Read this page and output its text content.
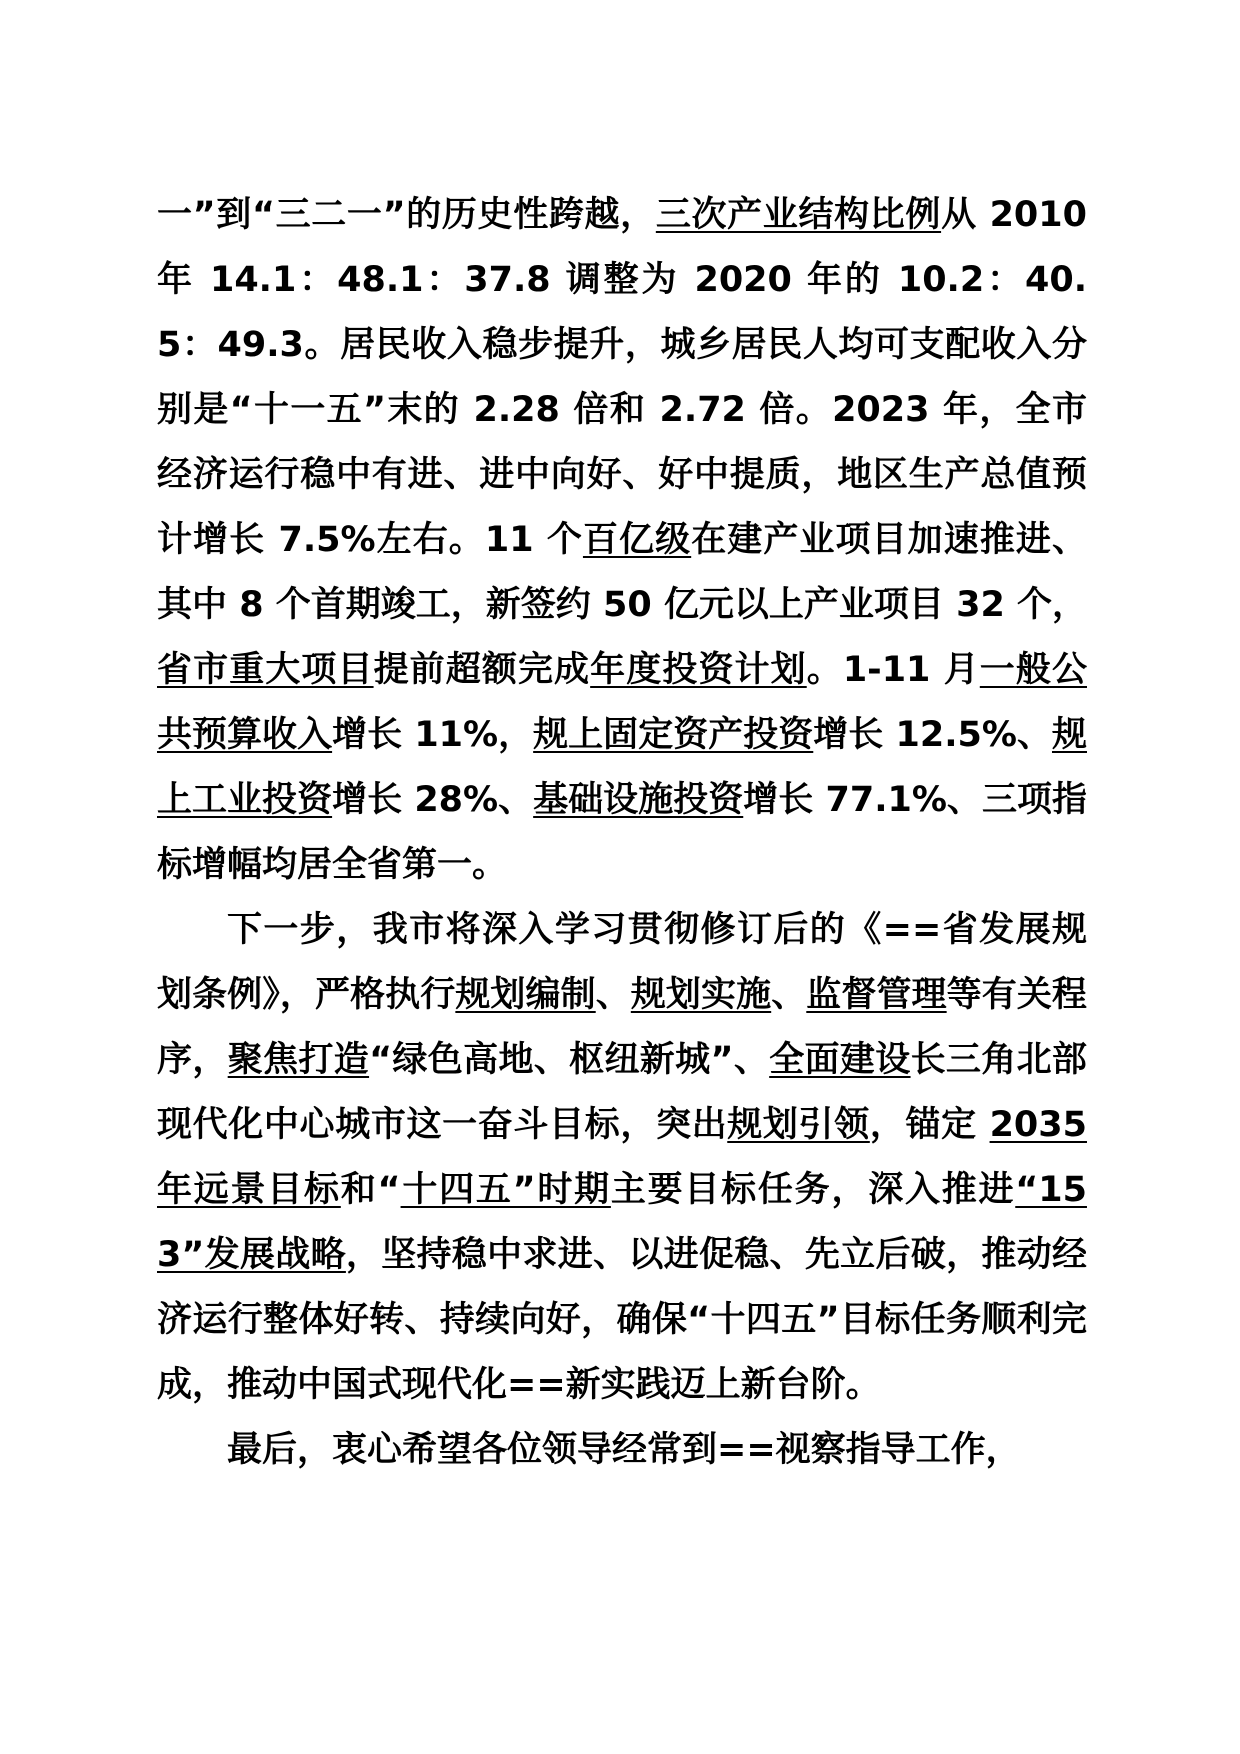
一”到“三二一”的历史性跨越，三次产业结构比例从 2010 年 14.1：48.1：37.8 调整为 2020 年的 10.2：40.5：49.3。居民收入稳步提升，城乡居民人均可支配收入分别是“十一五”末的 2.28 倍和 2.72 倍。2023 年，全市经济运行稳中有进、进中向好、好中提质，地区生产总值预计增长 7.5%左右。11 个百亿级在建产业项目加速推进、其中 8 个首期竣工，新签约 50 亿元以上产业项目 32 个，省市重大项目提前超额完成年度投资计划。1-11 月一般公共预算收入增长 11%，规上固定资产投资增长 12.5%、规上工业投资增长 28%、基础设施投资增长 77.1%、三项指标增幅均居全省第一。

下一步，我市将深入学习贯彻修订后的《==省发展规划条例》，严格执行规划编制、规划实施、监督管理等有关程序，聚焦打造“绿色高地、枢纽新城”、全面建设长三角北部现代化中心城市这一奋斗目标，突出规划引领，锚定 2035 年远景目标和“十四五”时期主要目标任务，深入推进“153”发展战略，坚持稳中求进、以进促稳、先立后破，推动经济运行整体好转、持续向好，确保“十四五”目标任务顺利完成，推动中国式现代化==新实践迈上新台阶。

最后，衷心希望各位领导经常到==视察指导工作，
